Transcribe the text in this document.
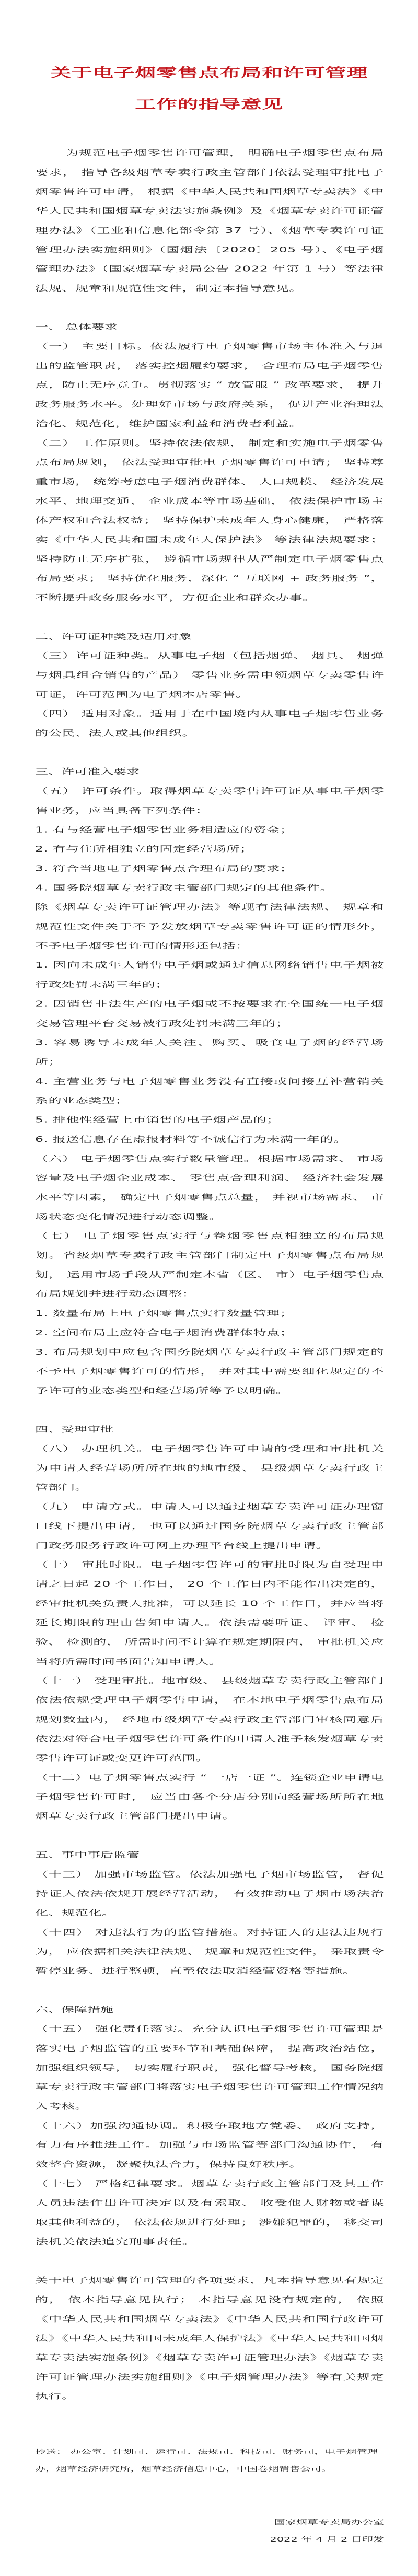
关于电子烟零售点布局和许可管理
工作的指导意见

为规范电子烟零售许可管理， 明确电子烟零售点布局要求， 指导各级烟草专卖行政主管部门依法受理审批电子烟零售许可申请， 根据《中华人民共和国烟草专卖法》《中华人民共和国烟草专卖法实施条例》及《烟草专卖许可证管理办法》（工业和信息化部令第 37 号）、《烟草专卖许可证管理办法实施细则》（国烟法〔2020〕205 号）、《电子烟管理办法》（国家烟草专卖局公告 2022 年第 1 号）等法律法规、规章和规范性文件，制定本指导意见。

一、 总体要求

（一） 主要目标。依法履行电子烟零售市场主体准入与退出的监管职责， 落实控烟履约要求， 合理布局电子烟零售点，防止无序竞争。贯彻落实 “ 放管服 ” 改革要求， 提升政务服务水平。处理好市场与政府关系， 促进产业治理法治化、规范化，维护国家利益和消费者利益。

（二） 工作原则。坚持依法依规， 制定和实施电子烟零售点布局规划， 依法受理审批电子烟零售许可申请； 坚持尊重市场， 统筹考虑电子烟消费群体、 人口规模、 经济发展水平、地理交通、 企业成本等市场基础， 依法保护市场主体产权和合法权益； 坚持保护未成年人身心健康， 严格落实《中华人民共和国未成年人保护法》 等法律法规要求； 坚持防止无序扩张， 遵循市场规律从严制定电子烟零售点布局要求； 坚持优化服务，深化 “ 互联网 + 政务服务 ”，不断提升政务服务水平，方便企业和群众办事。

二、许可证种类及适用对象

（三）许可证种类。从事电子烟（包括烟弹、 烟具、 烟弹与烟具组合销售的产品） 零售业务需申领烟草专卖零售许可证，许可范围为电子烟本店零售。

（四） 适用对象。适用于在中国境内从事电子烟零售业务的公民、法人或其他组织。

三、许可准入要求

（五） 许可条件。取得烟草专卖零售许可证从事电子烟零售业务，应当具备下列条件：

1. 有与经营电子烟零售业务相适应的资金；

2. 有与住所相独立的固定经营场所；

3. 符合当地电子烟零售点合理布局的要求；

4. 国务院烟草专卖行政主管部门规定的其他条件。

除《烟草专卖许可证管理办法》等现有法律法规、 规章和规范性文件关于不予发放烟草专卖零售许可证的情形外， 不予电子烟零售许可的情形还包括：

1. 因向未成年人销售电子烟或通过信息网络销售电子烟被行政处罚未满三年的；

2. 因销售非法生产的电子烟或不按要求在全国统一电子烟交易管理平台交易被行政处罚未满三年的；

3. 容易诱导未成年人关注、购买、吸食电子烟的经营场所；

4. 主营业务与电子烟零售业务没有直接或间接互补营销关系的业态类型；

5. 排他性经营上市销售的电子烟产品的；

6. 报送信息存在虚报材料等不诚信行为未满一年的。

（六） 电子烟零售点实行数量管理。根据市场需求、 市场容量及电子烟企业成本、 零售点合理利润、 经济社会发展水平等因素， 确定电子烟零售点总量， 并视市场需求、 市场状态变化情况进行动态调整。

（七） 电子烟零售点实行与卷烟零售点相独立的布局规划。省级烟草专卖行政主管部门制定电子烟零售点布局规划， 运用市场手段从严制定本省（区、 市）电子烟零售点布局规划并进行动态调整：

1. 数量布局上电子烟零售点实行数量管理；

2. 空间布局上应符合电子烟消费群体特点；

3. 布局规划中应包含国务院烟草专卖行政主管部门规定的不予电子烟零售许可的情形， 并对其中需要细化规定的不予许可的业态类型和经营场所等予以明确。

四、受理审批

（八） 办理机关。电子烟零售许可申请的受理和审批机关为申请人经营场所所在地的地市级、 县级烟草专卖行政主管部门。

（九） 申请方式。申请人可以通过烟草专卖许可证办理窗口线下提出申请， 也可以通过国务院烟草专卖行政主管部门政务服务行政许可网上办理平台线上提出申请。

（十） 审批时限。电子烟零售许可的审批时限为自受理申请之日起 20 个工作日， 20 个工作日内不能作出决定的，经审批机关负责人批准，可以延长 10 个工作日，并应当将延长期限的理由告知申请人。依法需要听证、 评审、 检验、 检测的， 所需时间不计算在规定期限内， 审批机关应当将所需时间书面告知申请人。

（十一） 受理审批。地市级、 县级烟草专卖行政主管部门依法依规受理电子烟零售申请， 在本地电子烟零售点布局规划数量内， 经地市级烟草专卖行政主管部门审核同意后依法对符合电子烟零售许可条件的申请人准予核发烟草专卖零售许可证或变更许可范围。

（十二）电子烟零售点实行 “ 一店一证 ”。连锁企业申请电子烟零售许可时， 应当由各个分店分别向经营场所所在地烟草专卖行政主管部门提出申请。

五、事中事后监管

（十三） 加强市场监管。依法加强电子烟市场监管， 督促持证人依法依规开展经营活动， 有效推动电子烟市场法治化、规范化。

（十四） 对违法行为的监管措施。对持证人的违法违规行为， 应依据相关法律法规、 规章和规范性文件， 采取责令暂停业务、进行整顿，直至依法取消经营资格等措施。

六、保障措施

（十五） 强化责任落实。充分认识电子烟零售许可管理是落实电子烟监管的重要环节和基础保障， 提高政治站位， 加强组织领导， 切实履行职责， 强化督导考核， 国务院烟草专卖行政主管部门将落实电子烟零售许可管理工作情况纳入考核。

（十六）加强沟通协调。积极争取地方党委、 政府支持， 有力有序推进工作。加强与市场监管等部门沟通协作， 有效整合资源，凝聚执法合力，保持良好秩序。

（十七） 严格纪律要求。烟草专卖行政主管部门及其工作人员违法作出许可决定以及有索取、 收受他人财物或者谋取其他利益的， 依法依规进行处理； 涉嫌犯罪的， 移交司法机关依法追究刑事责任。

关于电子烟零售许可管理的各项要求，凡本指导意见有规定的， 依本指导意见执行； 本指导意见没有规定的， 依照《中华人民共和国烟草专卖法》《中华人民共和国行政许可法》《中华人民共和国未成年人保护法》《中华人民共和国烟草专卖法实施条例》《烟草专卖许可证管理办法》《烟草专卖许可证管理办法实施细则》《电子烟管理办法》等有关规定执行。

抄送： 办公室、计划司、运行司、法规司、科技司、财务司，电子烟管理办，烟草经济研究所，烟草经济信息中心，中国卷烟销售公司。
国家烟草专卖局办公室
2022 年 4 月 2 日印发
